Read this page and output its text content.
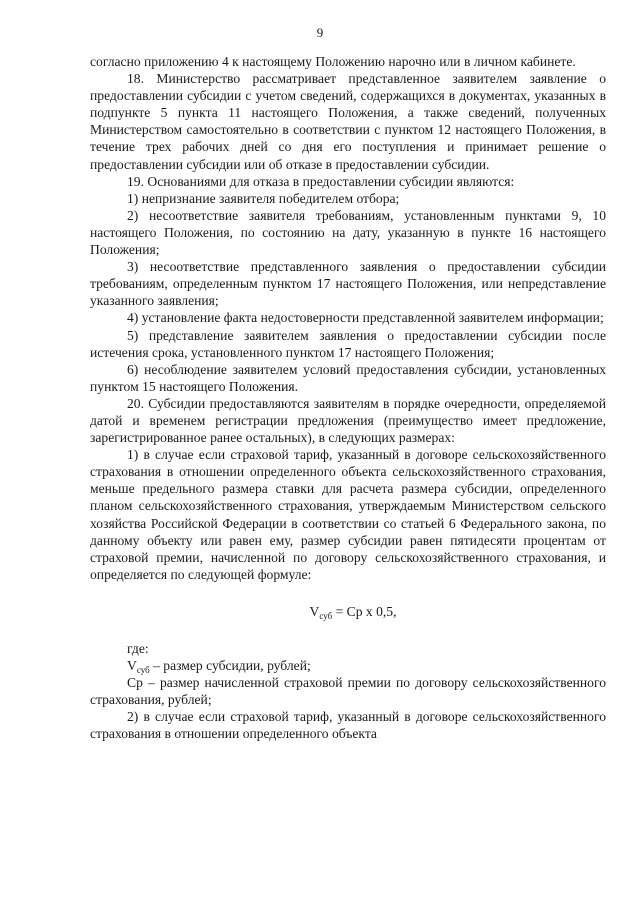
9

согласно приложению 4 к настоящему Положению нарочно или в личном кабинете.

18. Министерство рассматривает представленное заявителем заявление о предоставлении субсидии с учетом сведений, содержащихся в документах, указанных в подпункте 5 пункта 11 настоящего Положения, а также сведений, полученных Министерством самостоятельно в соответствии с пунктом 12 настоящего Положения, в течение трех рабочих дней со дня его поступления и принимает решение о предоставлении субсидии или об отказе в предоставлении субсидии.

19. Основаниями для отказа в предоставлении субсидии являются:

1) непризнание заявителя победителем отбора;

2) несоответствие заявителя требованиям, установленным пунктами 9, 10 настоящего Положения, по состоянию на дату, указанную в пункте 16 настоящего Положения;

3) несоответствие представленного заявления о предоставлении субсидии требованиям, определенным пунктом 17 настоящего Положения, или непредставление указанного заявления;

4) установление факта недостоверности представленной заявителем информации;

5) представление заявителем заявления о предоставлении субсидии после истечения срока, установленного пунктом 17 настоящего Положения;

6) несоблюдение заявителем условий предоставления субсидии, установленных пунктом 15 настоящего Положения.

20. Субсидии предоставляются заявителям в порядке очередности, определяемой датой и временем регистрации предложения (преимущество имеет предложение, зарегистрированное ранее остальных), в следующих размерах:

1) в случае если страховой тариф, указанный в договоре сельскохозяйственного страхования в отношении определенного объекта сельскохозяйственного страхования, меньше предельного размера ставки для расчета размера субсидии, определенного планом сельскохозяйственного страхования, утверждаемым Министерством сельского хозяйства Российской Федерации в соответствии со статьей 6 Федерального закона, по данному объекту или равен ему, размер субсидии равен пятидесяти процентам от страховой премии, начисленной по договору сельскохозяйственного страхования, и определяется по следующей формуле:

$V_{суб} = Cp$ x 0,5,

где:

$V_{суб}$ – размер субсидии, рублей;

Cp – размер начисленной страховой премии по договору сельскохозяйственного страхования, рублей;

2) в случае если страховой тариф, указанный в договоре сельскохозяйственного страхования в отношении определенного объекта
